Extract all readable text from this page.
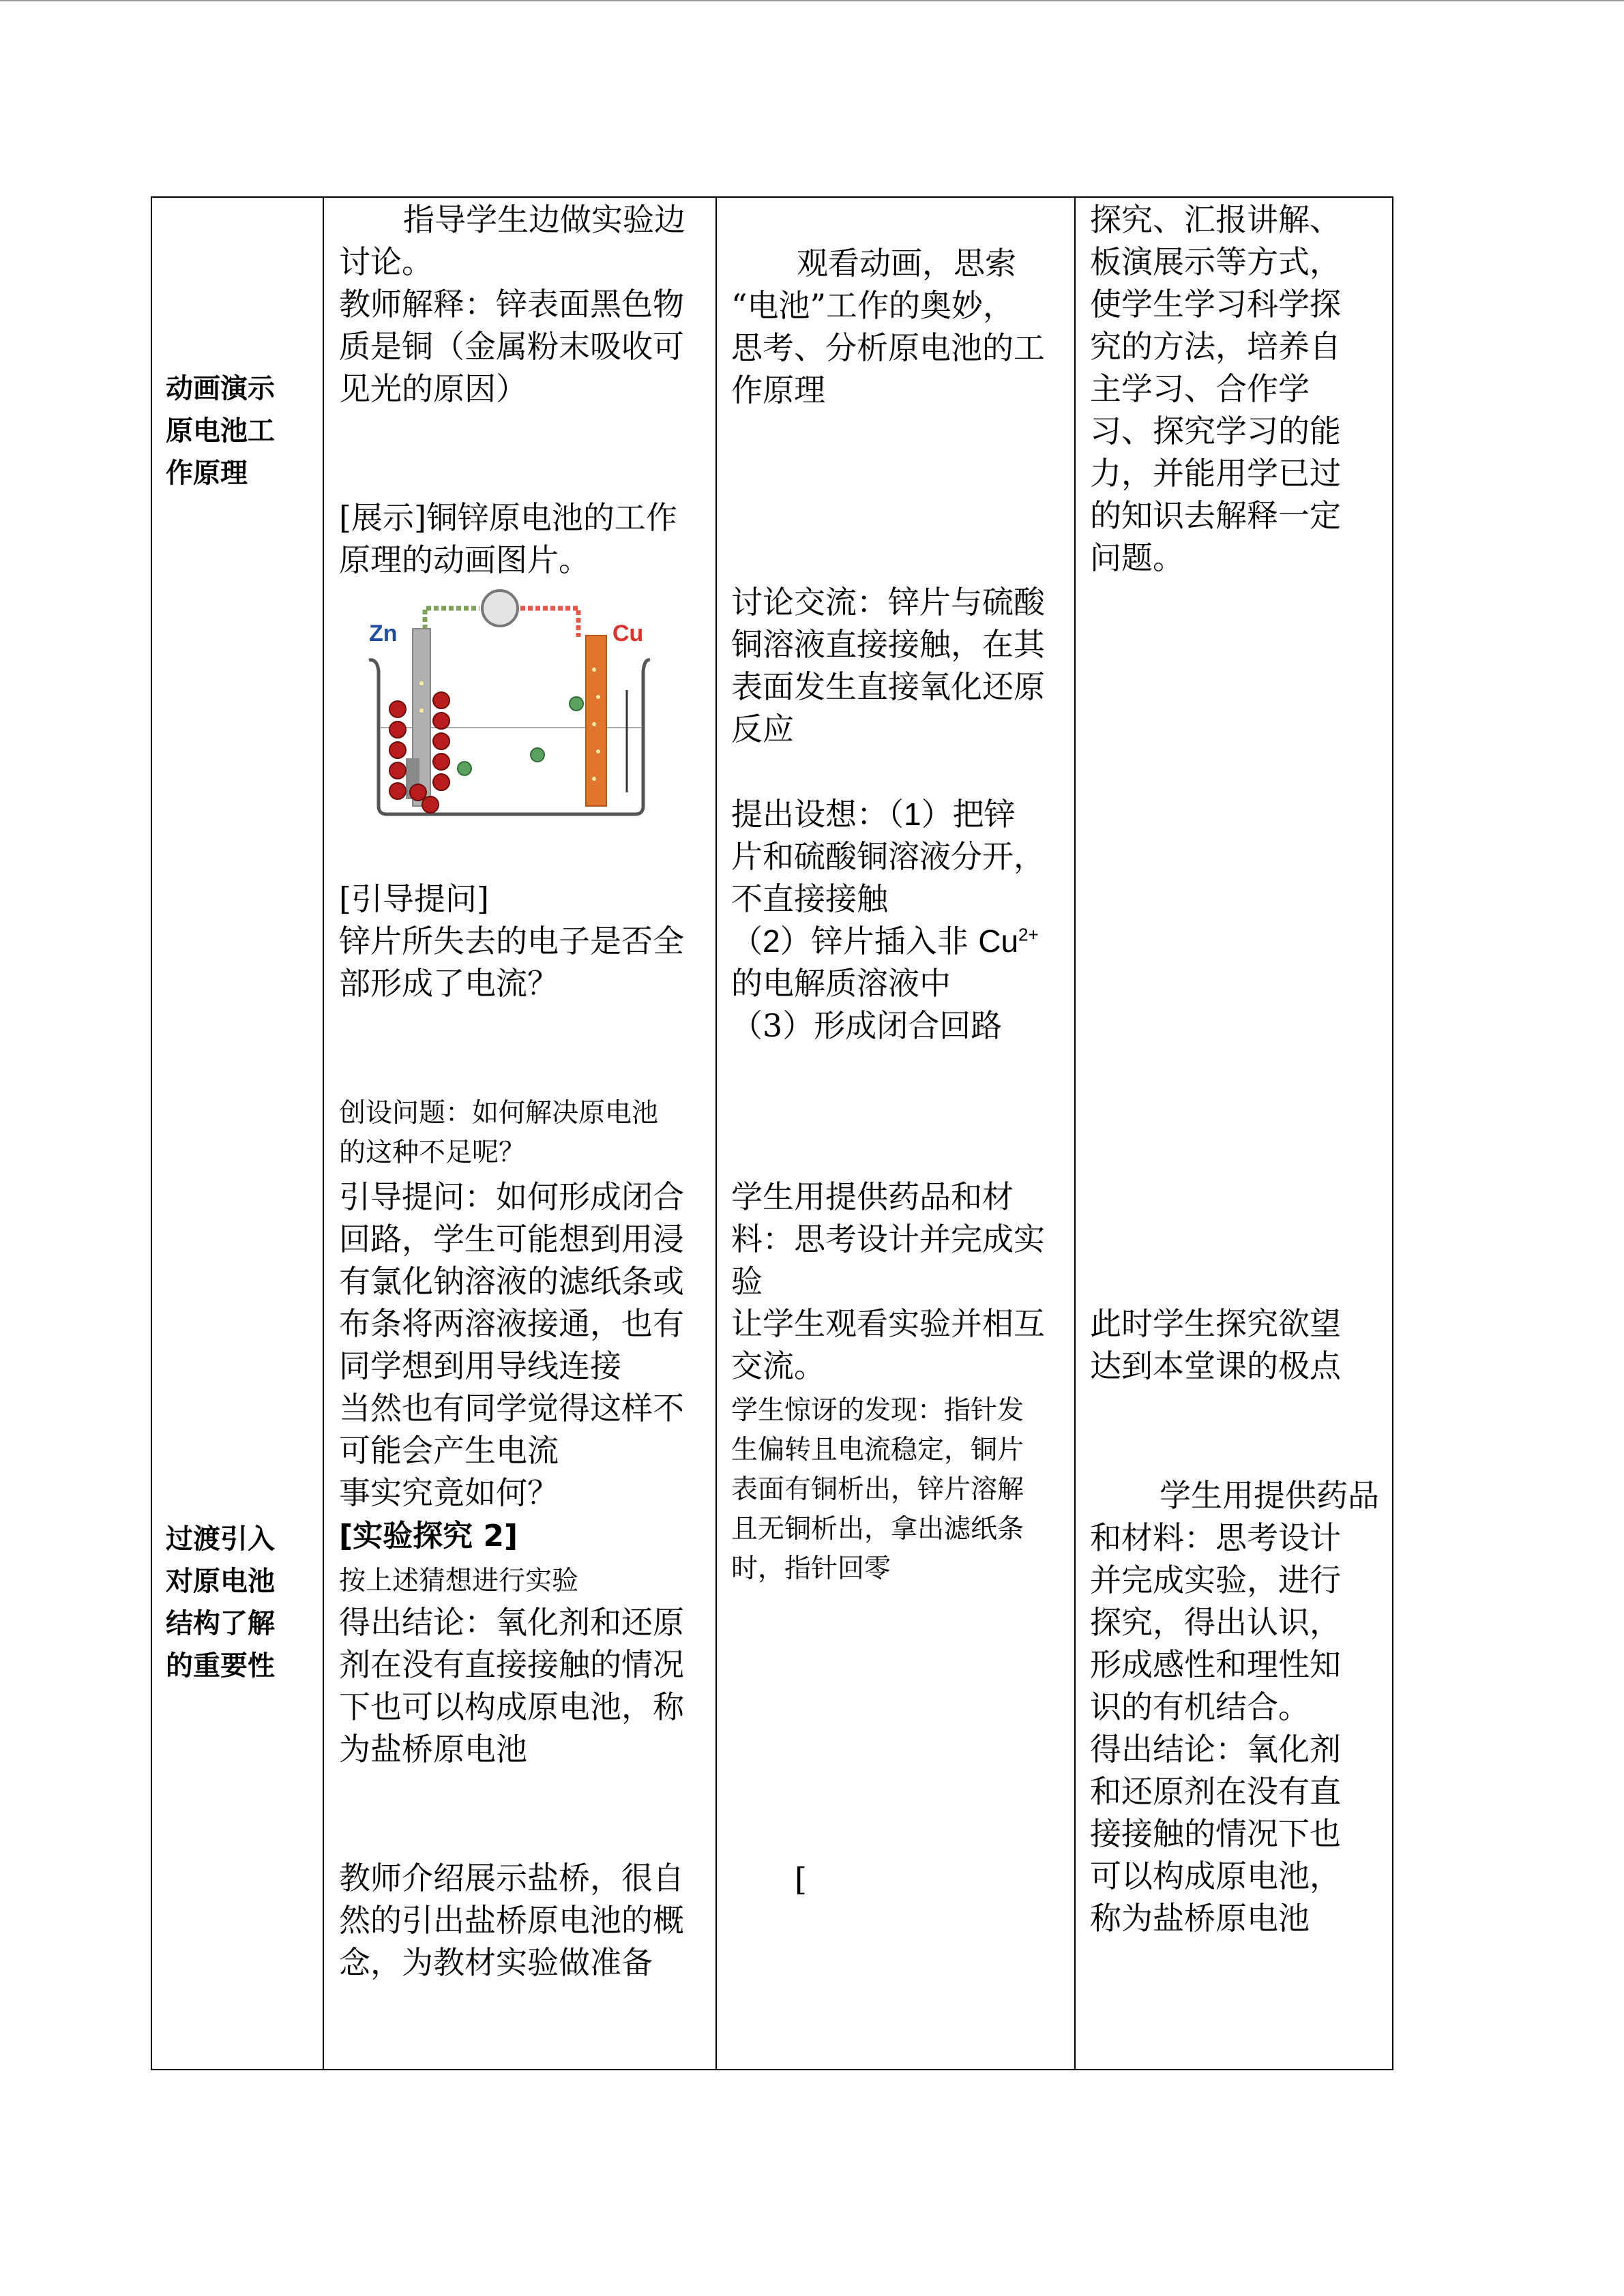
动画演示
原电池工
作原理
过渡引入
对原电池
结构了解
的重要性
指导学生边做实验边
讨论。
教师解释：锌表面黑色物
质是铜（金属粉末吸收可
见光的原因）
[展示]铜锌原电池的工作
原理的动画图片。
Zn	Cu
[引导提问]
锌片所失去的电子是否全
部形成了电流？
创设问题：如何解决原电池
的这种不足呢？
引导提问：如何形成闭合
回路，学生可能想到用浸
有氯化钠溶液的滤纸条或
布条将两溶液接通，也有
同学想到用导线连接
当然也有同学觉得这样不
可能会产生电流
事实究竟如何？
[实验探究 2]
按上述猜想进行实验
得出结论：氧化剂和还原
剂在没有直接接触的情况
下也可以构成原电池，称
为盐桥原电池
教师介绍展示盐桥，很自
然的引出盐桥原电池的概
念，为教材实验做准备
观看动画，思索
“电池”工作的奥妙，
思考、分析原电池的工
作原理
讨论交流：锌片与硫酸
铜溶液直接接触，在其
表面发生直接氧化还原
反应
提出设想：（1）把锌
片和硫酸铜溶液分开，
不直接接触
（2）锌片插入非 $Cu^{2+}$
的电解质溶液中
（3）形成闭合回路
学生用提供药品和材
料：思考设计并完成实
验
让学生观看实验并相互
交流。
学生惊讶的发现：指针发
生偏转且电流稳定，铜片
表面有铜析出，锌片溶解
且无铜析出，拿出滤纸条
时，指针回零
[
探究、汇报讲解、
板演展示等方式，
使学生学习科学探
究的方法，培养自
主学习、合作学
习、探究学习的能
力，并能用学已过
的知识去解释一定
问题。
此时学生探究欲望
达到本堂课的极点
学生用提供药品
和材料：思考设计
并完成实验，进行
探究，得出认识，
形成感性和理性知
识的有机结合。
得出结论：氧化剂
和还原剂在没有直
接接触的情况下也
可以构成原电池，
称为盐桥原电池
